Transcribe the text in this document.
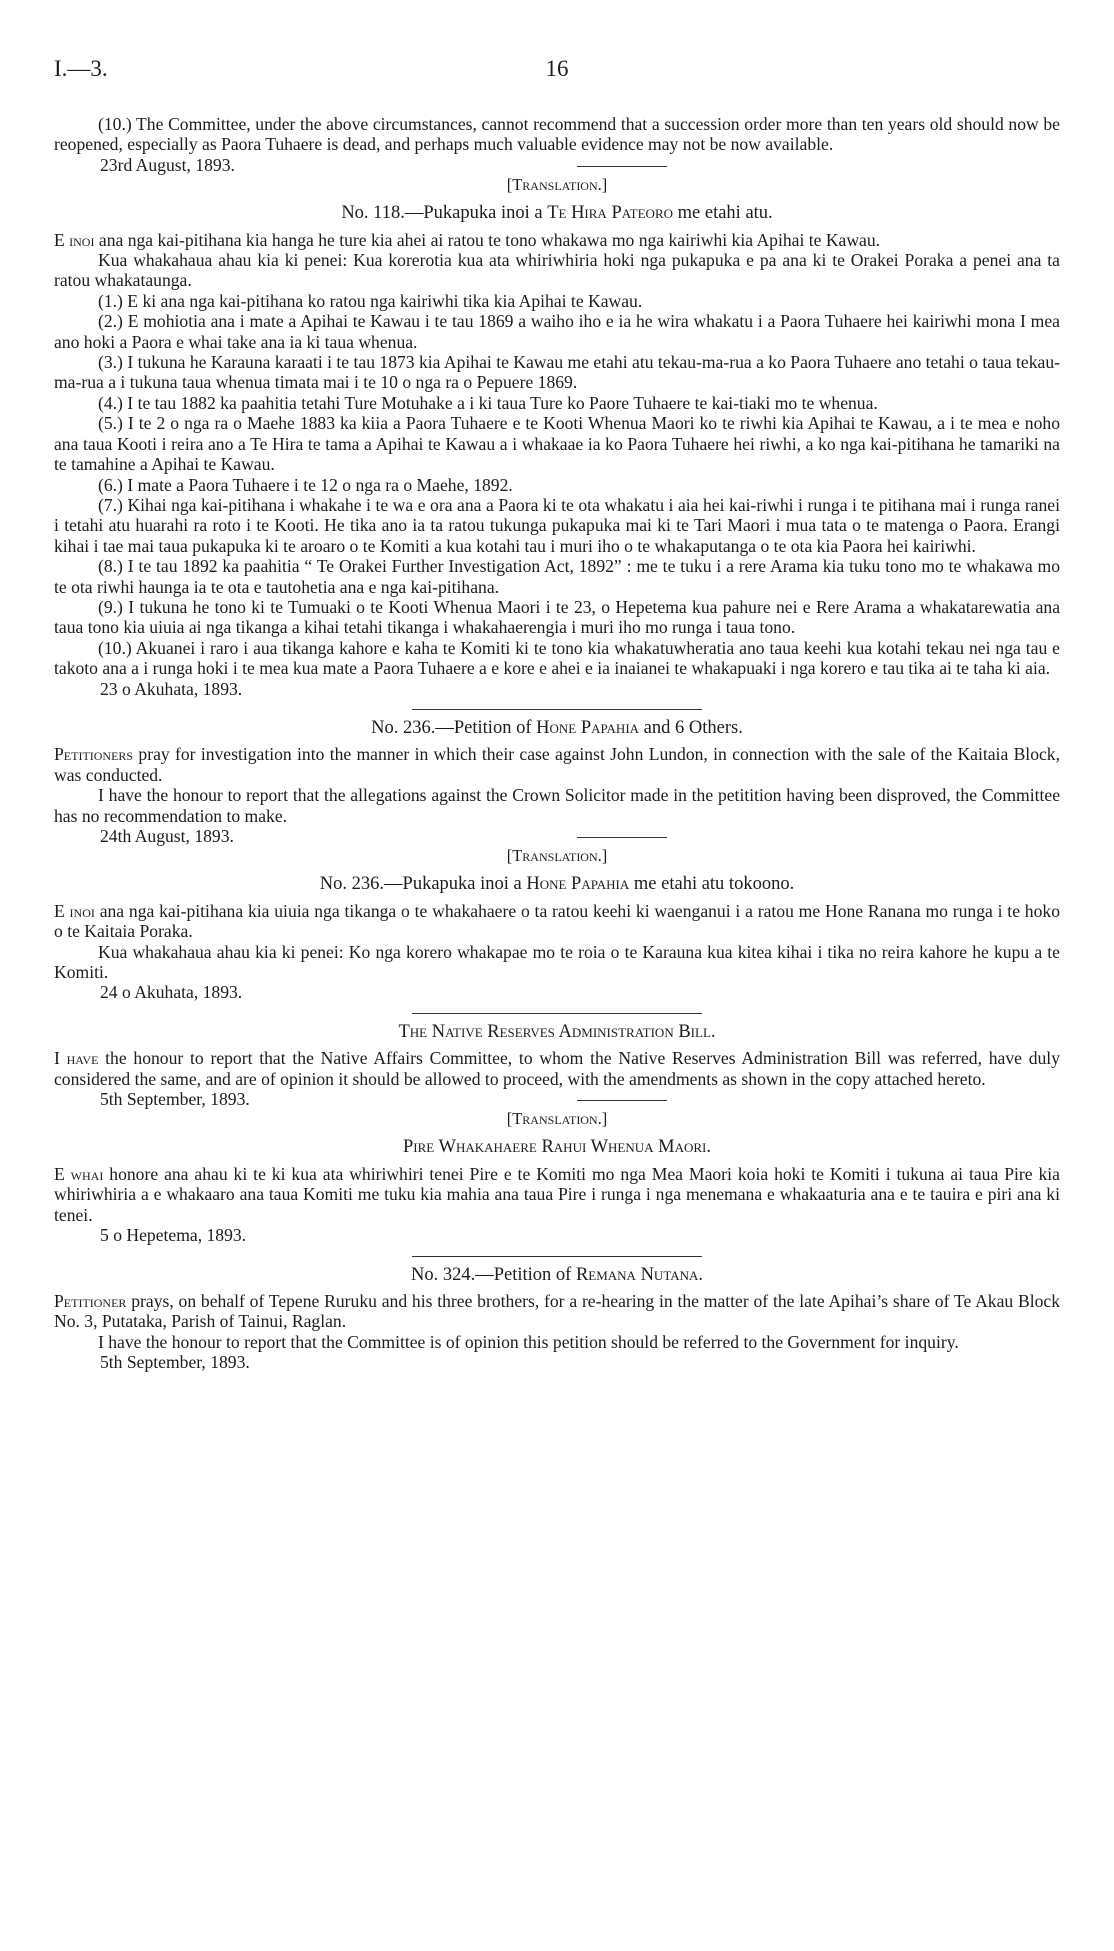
I.—3.	16

(10.) The Committee, under the above circumstances, cannot recommend that a succession order more than ten years old should now be reopened, especially as Paora Tuhaere is dead, and perhaps much valuable evidence may not be now available.

23rd August, 1893.

[Translation.]

No. 118.—Pukapuka inoi a Te Hira Pateoro me etahi atu.

E inoi ana nga kai-pitihana kia hanga he ture kia ahei ai ratou te tono whakawa mo nga kairiwhi kia Apihai te Kawau.

Kua whakahaua ahau kia ki penei: Kua korerotia kua ata whiriwhiria hoki nga pukapuka e pa ana ki te Orakei Poraka a penei ana ta ratou whakataunga.

(1.) E ki ana nga kai-pitihana ko ratou nga kairiwhi tika kia Apihai te Kawau.

(2.) E mohiotia ana i mate a Apihai te Kawau i te tau 1869 a waiho iho e ia he wira whakatu i a Paora Tuhaere hei kairiwhi mona I mea ano hoki a Paora e whai take ana ia ki taua whenua.

(3.) I tukuna he Karauna karaati i te tau 1873 kia Apihai te Kawau me etahi atu tekau-ma-rua a ko Paora Tuhaere ano tetahi o taua tekau-ma-rua a i tukuna taua whenua timata mai i te 10 o nga ra o Pepuere 1869.

(4.) I te tau 1882 ka paahitia tetahi Ture Motuhake a i ki taua Ture ko Paore Tuhaere te kai-tiaki mo te whenua.

(5.) I te 2 o nga ra o Maehe 1883 ka kiia a Paora Tuhaere e te Kooti Whenua Maori ko te riwhi kia Apihai te Kawau, a i te mea e noho ana taua Kooti i reira ano a Te Hira te tama a Apihai te Kawau a i whakaae ia ko Paora Tuhaere hei riwhi, a ko nga kai-pitihana he tamariki na te tamahine a Apihai te Kawau.

(6.) I mate a Paora Tuhaere i te 12 o nga ra o Maehe, 1892.

(7.) Kihai nga kai-pitihana i whakahe i te wa e ora ana a Paora ki te ota whakatu i aia hei kai-riwhi i runga i te pitihana mai i runga ranei i tetahi atu huarahi ra roto i te Kooti. He tika ano ia ta ratou tukunga pukapuka mai ki te Tari Maori i mua tata o te matenga o Paora. Erangi kihai i tae mai taua pukapuka ki te aroaro o te Komiti a kua kotahi tau i muri iho o te whakaputanga o te ota kia Paora hei kairiwhi.

(8.) I te tau 1892 ka paahitia “ Te Orakei Further Investigation Act, 1892” : me te tuku i a rere Arama kia tuku tono mo te whakawa mo te ota riwhi haunga ia te ota e tautohetia ana e nga kai-pitihana.

(9.) I tukuna he tono ki te Tumuaki o te Kooti Whenua Maori i te 23, o Hepetema kua pahure nei e Rere Arama a whakatarewatia ana taua tono kia uiuia ai nga tikanga a kihai tetahi tikanga i whakahaerengia i muri iho mo runga i taua tono.

(10.) Akuanei i raro i aua tikanga kahore e kaha te Komiti ki te tono kia whakatuwheratia ano taua keehi kua kotahi tekau nei nga tau e takoto ana a i runga hoki i te mea kua mate a Paora Tuhaere a e kore e ahei e ia inaianei te whakapuaki i nga korero e tau tika ai te taha ki aia.

23 o Akuhata, 1893.

No. 236.—Petition of Hone Papahia and 6 Others.

Petitioners pray for investigation into the manner in which their case against John Lundon, in connection with the sale of the Kaitaia Block, was conducted.

I have the honour to report that the allegations against the Crown Solicitor made in the petitition having been disproved, the Committee has no recommendation to make.

24th August, 1893.

[Translation.]

No. 236.—Pukapuka inoi a Hone Papahia me etahi atu tokoono.

E inoi ana nga kai-pitihana kia uiuia nga tikanga o te whakahaere o ta ratou keehi ki waenganui i a ratou me Hone Ranana mo runga i te hoko o te Kaitaia Poraka.

Kua whakahaua ahau kia ki penei: Ko nga korero whakapae mo te roia o te Karauna kua kitea kihai i tika no reira kahore he kupu a te Komiti.

24 o Akuhata, 1893.

The Native Reserves Administration Bill.

I have the honour to report that the Native Affairs Committee, to whom the Native Reserves Administration Bill was referred, have duly considered the same, and are of opinion it should be allowed to proceed, with the amendments as shown in the copy attached hereto.

5th September, 1893.

[Translation.]

Pire Whakahaere Rahui Whenua Maori.

E whai honore ana ahau ki te ki kua ata whiriwhiri tenei Pire e te Komiti mo nga Mea Maori koia hoki te Komiti i tukuna ai taua Pire kia whiriwhiria a e whakaaro ana taua Komiti me tuku kia mahia ana taua Pire i runga i nga menemana e whakaaturia ana e te tauira e piri ana ki tenei.

5 o Hepetema, 1893.

No. 324.—Petition of Remana Nutana.

Petitioner prays, on behalf of Tepene Ruruku and his three brothers, for a re-hearing in the matter of the late Apihai’s share of Te Akau Block No. 3, Putataka, Parish of Tainui, Raglan.

I have the honour to report that the Committee is of opinion this petition should be referred to the Government for inquiry.

5th September, 1893.
